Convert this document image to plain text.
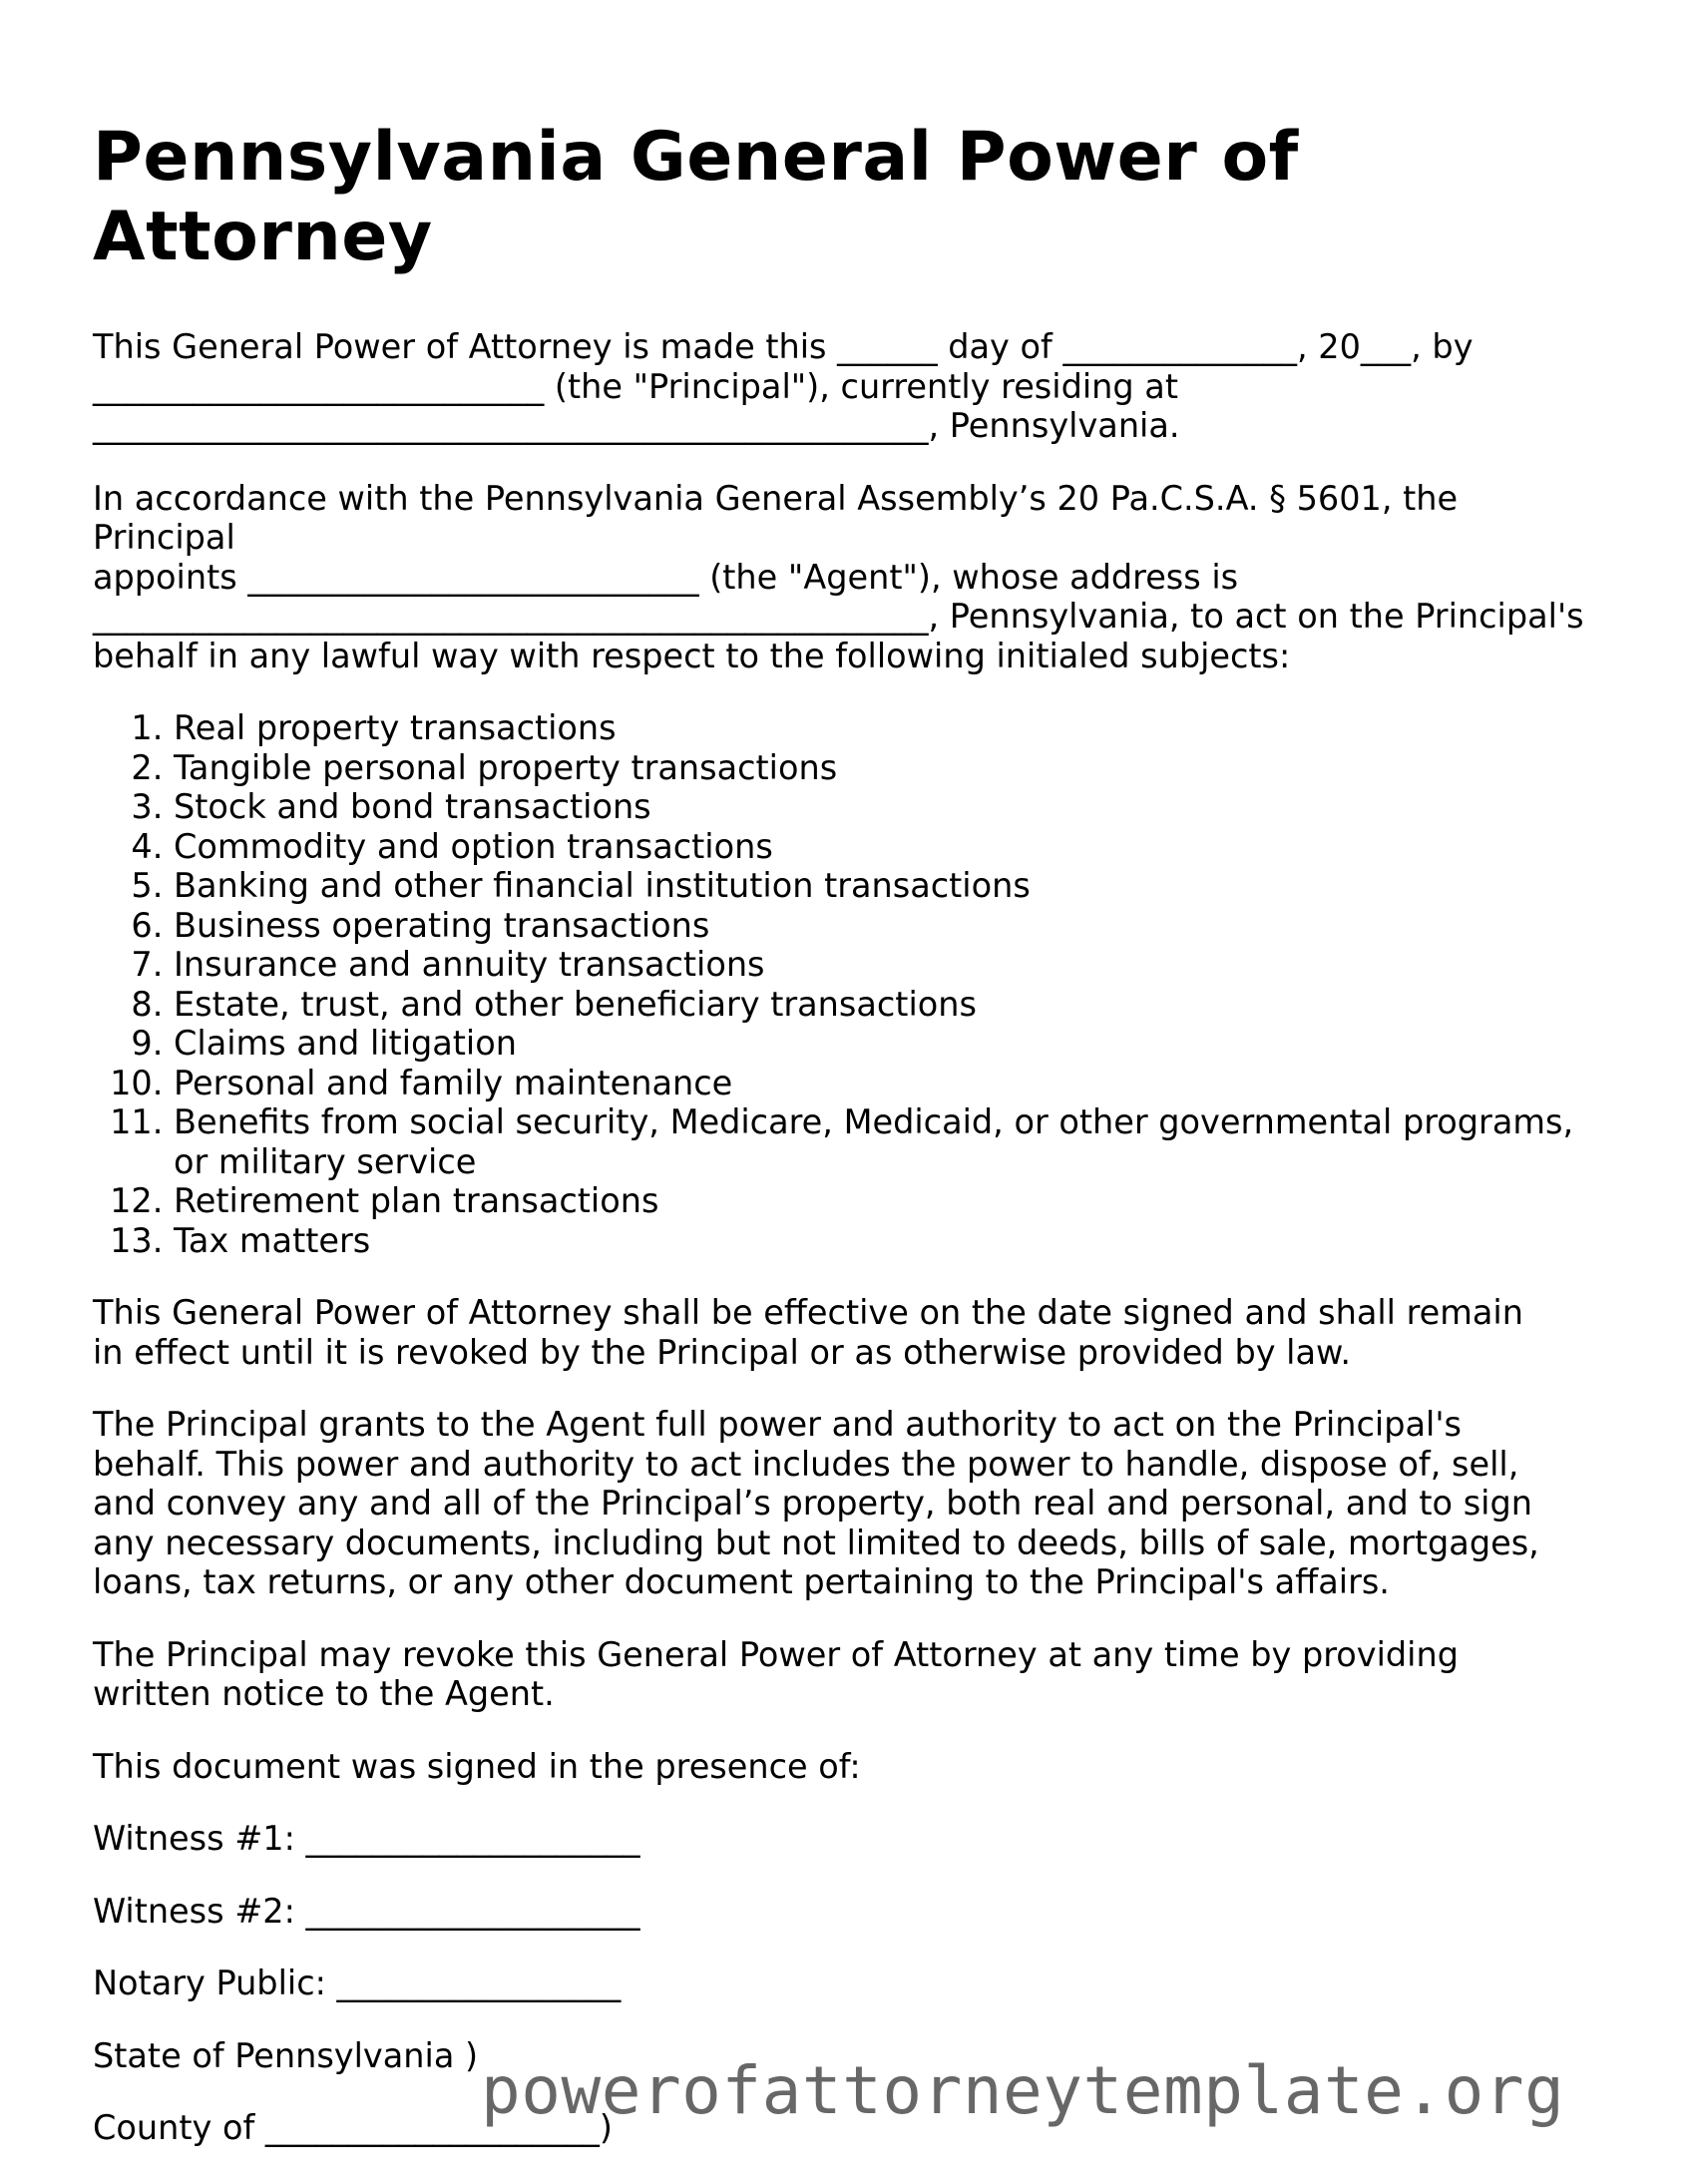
Pennsylvania General Power of Attorney

This General Power of Attorney is made this ______ day of ______________, 20___, by
___________________________ (the "Principal"), currently residing at
__________________________________________________, Pennsylvania.

In accordance with the Pennsylvania General Assembly’s 20 Pa.C.S.A. § 5601, the Principal
appoints ___________________________ (the "Agent"), whose address is
__________________________________________________, Pennsylvania, to act on the Principal's
behalf in any lawful way with respect to the following initialed subjects:

1. Real property transactions
2. Tangible personal property transactions
3. Stock and bond transactions
4. Commodity and option transactions
5. Banking and other financial institution transactions
6. Business operating transactions
7. Insurance and annuity transactions
8. Estate, trust, and other beneficiary transactions
9. Claims and litigation
10. Personal and family maintenance
11. Benefits from social security, Medicare, Medicaid, or other governmental programs, or military service
12. Retirement plan transactions
13. Tax matters

This General Power of Attorney shall be effective on the date signed and shall remain in effect until it is revoked by the Principal or as otherwise provided by law.

The Principal grants to the Agent full power and authority to act on the Principal's behalf. This power and authority to act includes the power to handle, dispose of, sell, and convey any and all of the Principal’s property, both real and personal, and to sign any necessary documents, including but not limited to deeds, bills of sale, mortgages, loans, tax returns, or any other document pertaining to the Principal's affairs.

The Principal may revoke this General Power of Attorney at any time by providing written notice to the Agent.

This document was signed in the presence of:

Witness #1: ____________________
Witness #2: ____________________
Notary Public: _________________
State of Pennsylvania )
County of ____________________)
powerofattorneytemplate.org
